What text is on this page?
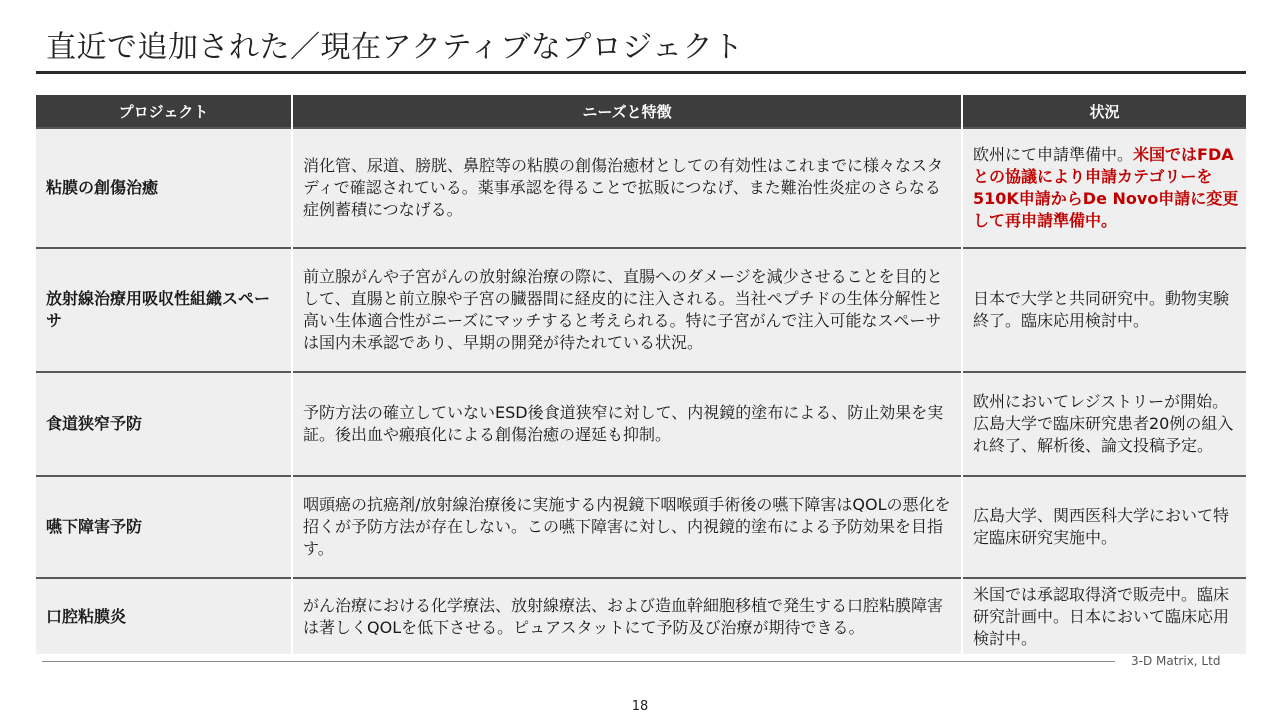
直近で追加された／現在アクティブなプロジェクト
プロジェクト	ニーズと特徴	状況
粘膜の創傷治癒	消化管、尿道、膀胱、鼻腔等の粘膜の創傷治癒材としての有効性はこれまでに様々なスタディで確認されている。薬事承認を得ることで拡販につなげ、また難治性炎症のさらなる症例蓄積につなげる。	欧州にて申請準備中。米国ではFDAとの協議により申請カテゴリーを510K申請からDe Novo申請に変更して再申請準備中。
放射線治療用吸収性組織スペーサ	前立腺がんや子宮がんの放射線治療の際に、直腸へのダメージを減少させることを目的として、直腸と前立腺や子宮の臓器間に経皮的に注入される。当社ペプチドの生体分解性と高い生体適合性がニーズにマッチすると考えられる。特に子宮がんで注入可能なスペーサは国内未承認であり、早期の開発が待たれている状況。	日本で大学と共同研究中。動物実験終了。臨床応用検討中。
食道狭窄予防	予防方法の確立していないESD後食道狭窄に対して、内視鏡的塗布による、防止効果を実証。後出血や瘢痕化による創傷治癒の遅延も抑制。	欧州においてレジストリーが開始。広島大学で臨床研究患者20例の組入れ終了、解析後、論文投稿予定。
嚥下障害予防	咽頭癌の抗癌剤/放射線治療後に実施する内視鏡下咽喉頭手術後の嚥下障害はQOLの悪化を招くが予防方法が存在しない。この嚥下障害に対し、内視鏡的塗布による予防効果を目指す。	広島大学、関西医科大学において特定臨床研究実施中。
口腔粘膜炎	がん治療における化学療法、放射線療法、および造血幹細胞移植で発生する口腔粘膜障害は著しくQOLを低下させる。ピュアスタットにて予防及び治療が期待できる。	米国では承認取得済で販売中。臨床研究計画中。日本において臨床応用検討中。
3-D Matrix, Ltd
18
